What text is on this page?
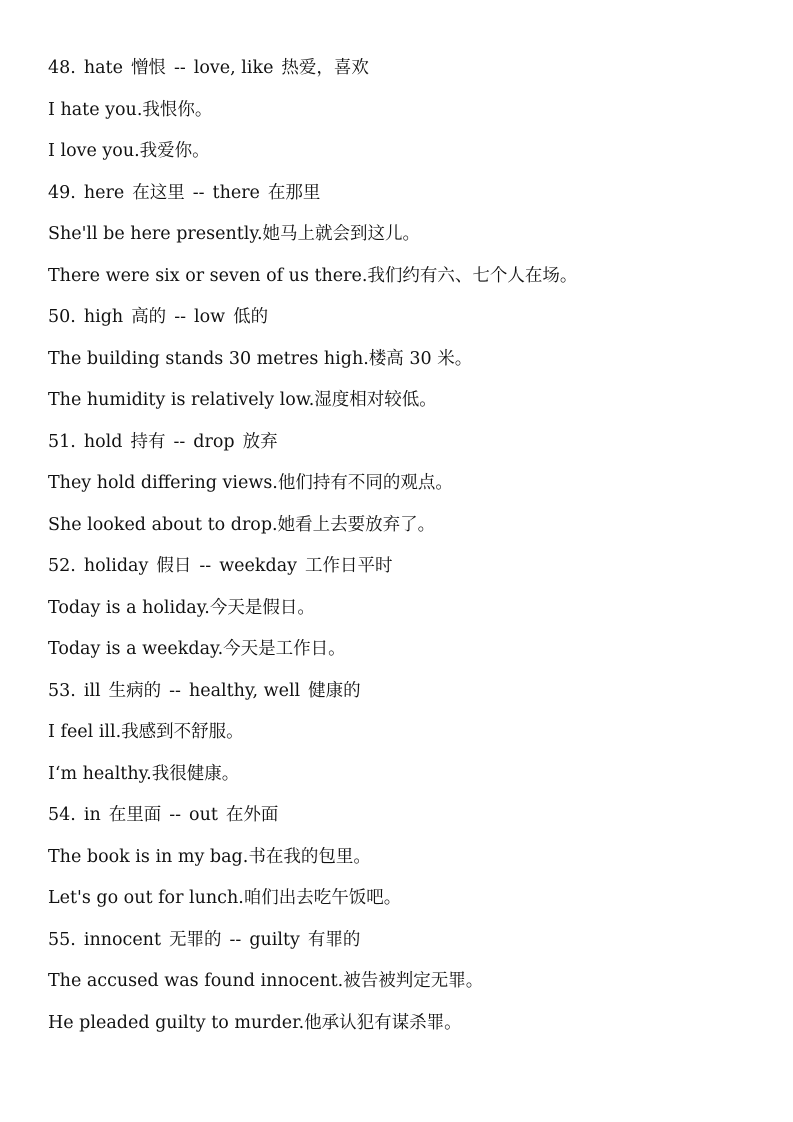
48. hate 憎恨 -- love, like 热爱，喜欢
I hate you.我恨你。
I love you.我爱你。
49. here 在这里 -- there 在那里
She'll be here presently.她马上就会到这儿。
There were six or seven of us there.我们约有六、七个人在场。
50. high 高的 -- low 低的
The building stands 30 metres high.楼高 30 米。
The humidity is relatively low.湿度相对较低。
51. hold 持有 -- drop 放弃
They hold differing views.他们持有不同的观点。
She looked about to drop.她看上去要放弃了。
52. holiday 假日 -- weekday 工作日平时
Today is a holiday.今天是假日。
Today is a weekday.今天是工作日。
53. ill 生病的 -- healthy, well 健康的
I feel ill.我感到不舒服。
I‘m healthy.我很健康。
54. in 在里面 -- out 在外面
The book is in my bag.书在我的包里。
Let's go out for lunch.咱们出去吃午饭吧。
55. innocent 无罪的 -- guilty 有罪的
The accused was found innocent.被告被判定无罪。
He pleaded guilty to murder.他承认犯有谋杀罪。
